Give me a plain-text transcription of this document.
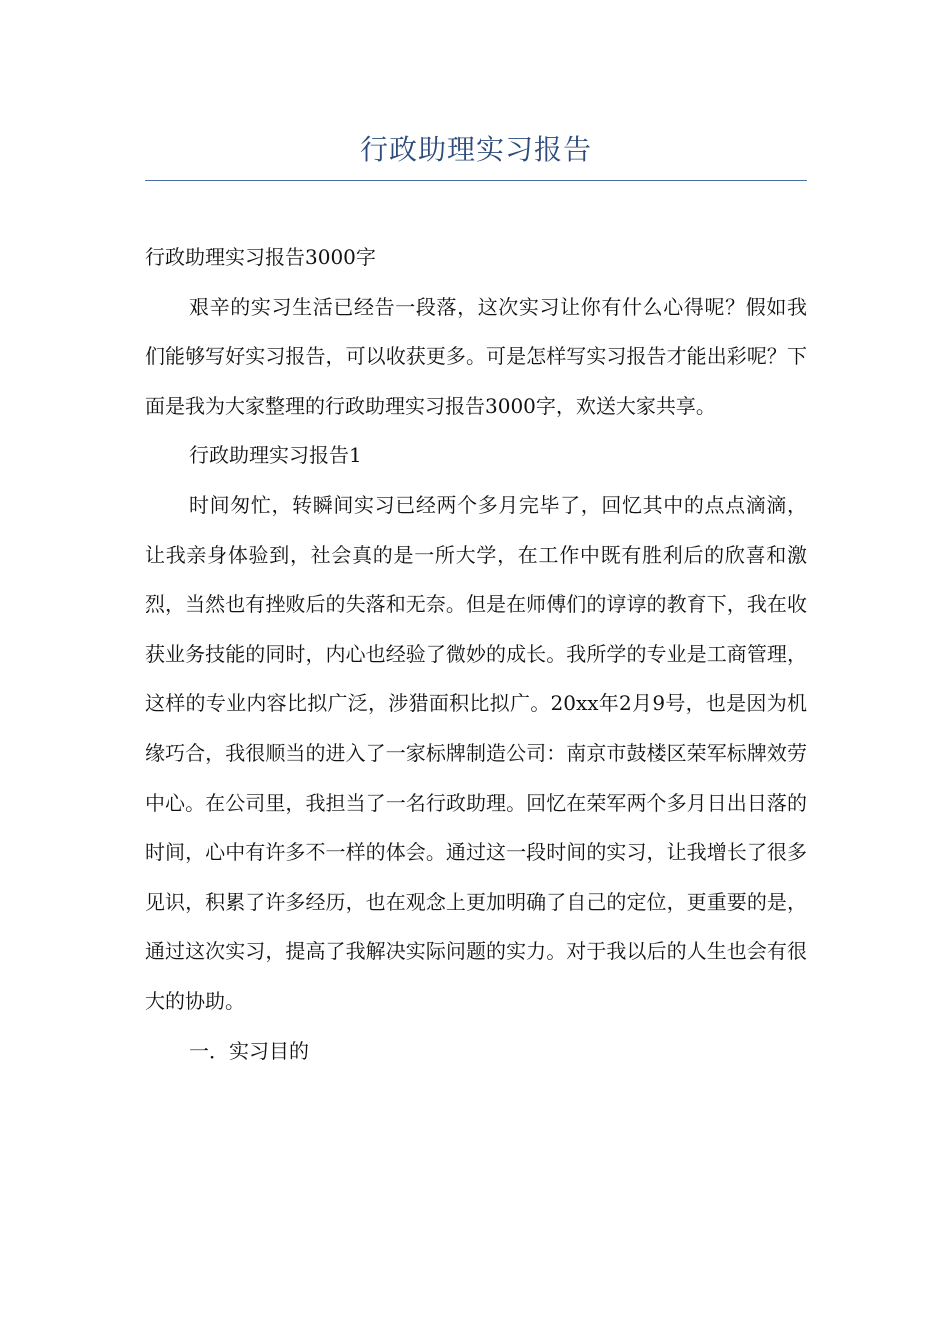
行政助理实习报告

行政助理实习报告3000字

艰辛的实习生活已经告一段落，这次实习让你有什么心得呢？假如我们能够写好实习报告，可以收获更多。可是怎样写实习报告才能出彩呢？下面是我为大家整理的行政助理实习报告3000字，欢送大家共享。

行政助理实习报告1

时间匆忙，转瞬间实习已经两个多月完毕了，回忆其中的点点滴滴，让我亲身体验到，社会真的是一所大学，在工作中既有胜利后的欣喜和激烈，当然也有挫败后的失落和无奈。但是在师傅们的谆谆的教育下，我在收获业务技能的同时，内心也经验了微妙的成长。我所学的专业是工商管理，这样的专业内容比拟广泛，涉猎面积比拟广。20xx年2月9号，也是因为机缘巧合，我很顺当的进入了一家标牌制造公司：南京市鼓楼区荣军标牌效劳中心。在公司里，我担当了一名行政助理。回忆在荣军两个多月日出日落的时间，心中有许多不一样的体会。通过这一段时间的实习，让我增长了很多见识，积累了许多经历，也在观念上更加明确了自己的定位，更重要的是，通过这次实习，提高了我解决实际问题的实力。对于我以后的人生也会有很大的协助。

一．实习目的
